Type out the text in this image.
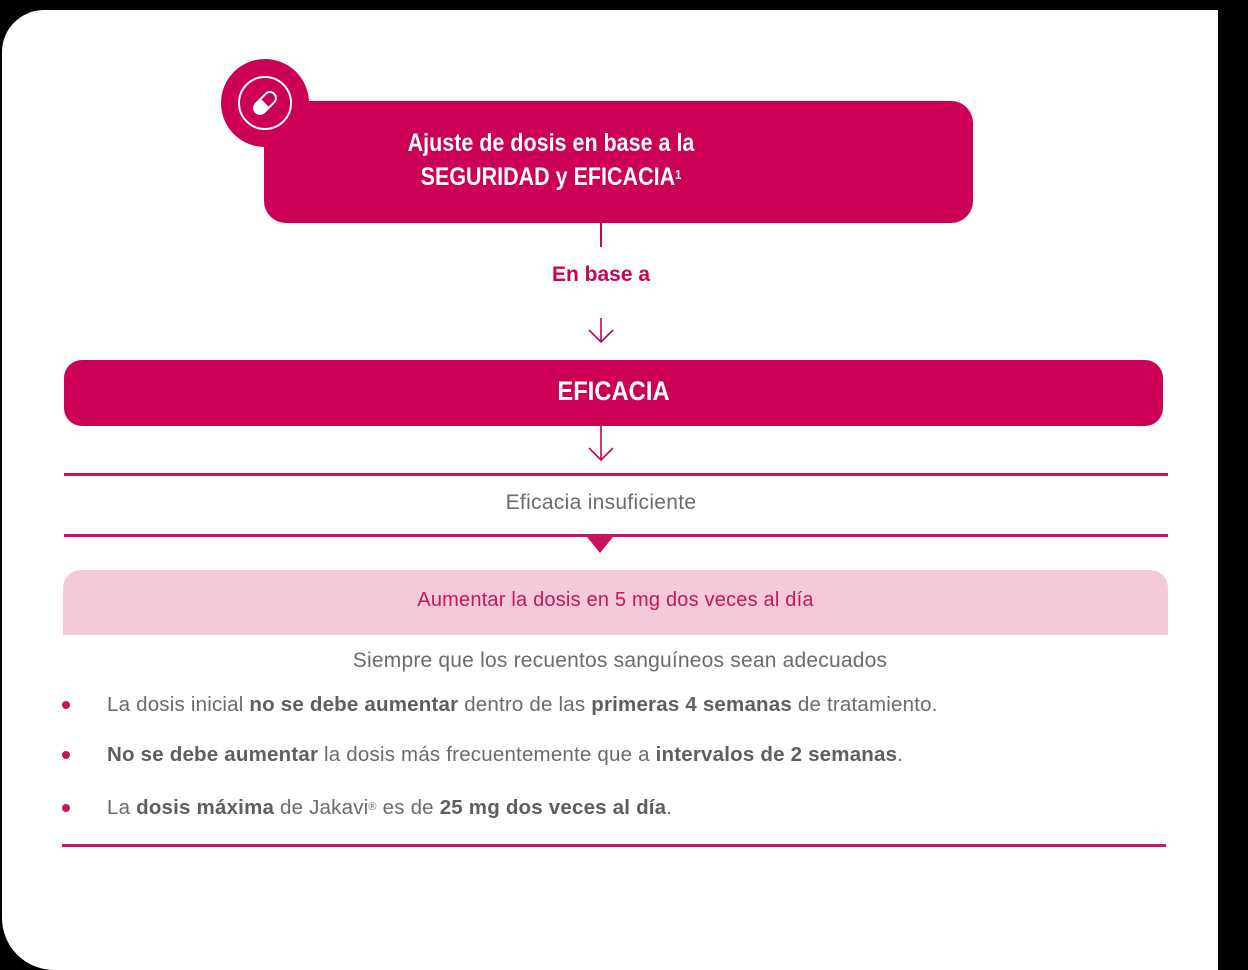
Ajuste de dosis en base a la
SEGURIDAD y EFICACIA$^1$
En base a
EFICACIA
Eficacia insuficiente
Aumentar la dosis en 5 mg dos veces al día
Siempre que los recuentos sanguíneos sean adecuados
La dosis inicial no se debe aumentar dentro de las primeras 4 semanas de tratamiento.
No se debe aumentar la dosis más frecuentemente que a intervalos de 2 semanas.
La dosis máxima de Jakavi® es de 25 mg dos veces al día.
